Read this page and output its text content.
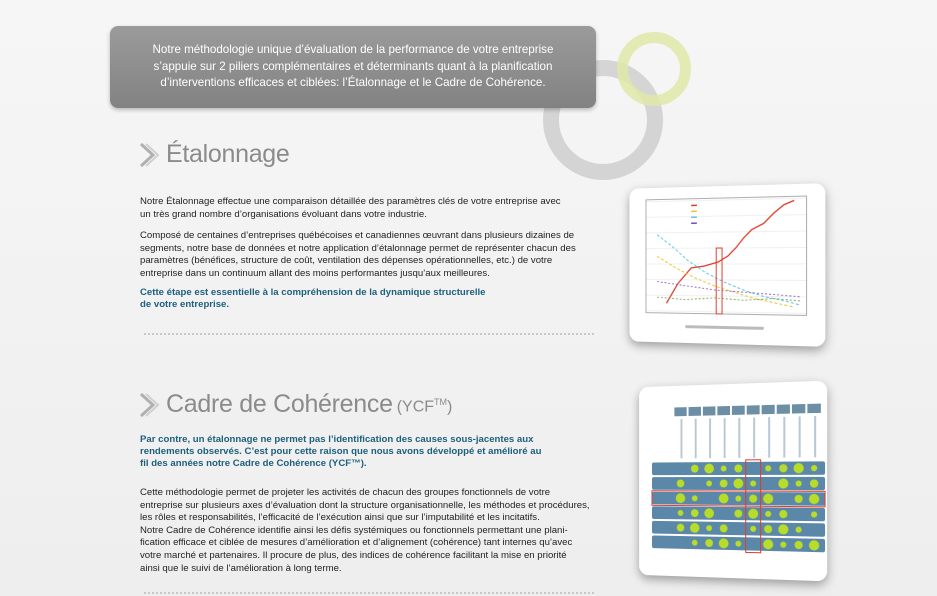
Notre méthodologie unique d’évaluation de la performance de votre entreprise
s’appuie sur 2 piliers complémentaires et déterminants quant à la planification
d’interventions efficaces et ciblées: l’Étalonnage et le Cadre de Cohérence.
Étalonnage
Notre Étalonnage effectue une comparaison détaillée des paramètres clés de votre entreprise avec
un très grand nombre d’organisations évoluant dans votre industrie.
Composé de centaines d’entreprises québécoises et canadiennes œuvrant dans plusieurs dizaines de
segments, notre base de données et notre application d’étalonnage permet de représenter chacun des
paramètres (bénéfices, structure de coût, ventilation des dépenses opérationnelles, etc.) de votre
entreprise dans un continuum allant des moins performantes jusqu’aux meilleures.
Cette étape est essentielle à la compréhension de la dynamique structurelle
de votre entreprise.
Cadre de Cohérence (YCF™)
Par contre, un étalonnage ne permet pas l’identification des causes sous-jacentes aux
rendements observés. C’est pour cette raison que nous avons développé et amélioré au
fil des années notre Cadre de Cohérence (YCF™).
Cette méthodologie permet de projeter les activités de chacun des groupes fonctionnels de votre
entreprise sur plusieurs axes d’évaluation dont la structure organisationnelle, les méthodes et procédures,
les rôles et responsabilités, l’efficacité de l’exécution ainsi que sur l’imputabilité et les incitatifs.
Notre Cadre de Cohérence identifie ainsi les défis systémiques ou fonctionnels permettant une plani-
fication efficace et ciblée de mesures d’amélioration et d’alignement (cohérence) tant internes qu’avec
votre marché et partenaires. Il procure de plus, des indices de cohérence facilitant la mise en priorité
ainsi que le suivi de l’amélioration à long terme.
